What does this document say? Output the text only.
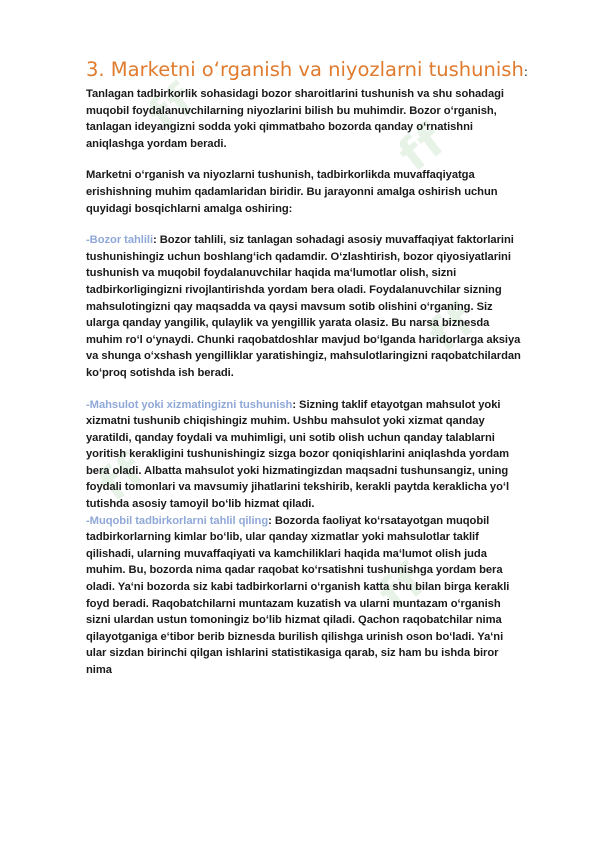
ff
ff
ff
ff
ff
3. Marketni o‘rganish va niyozlarni tushunish:

Tanlagan tadbirkorlik sohasidagi bozor sharoitlarini tushunish va shu sohadagi muqobil foydalanuvchilarning niyozlarini bilish bu muhimdir. Bozor oʻrganish, tanlagan ideyangizni sodda yoki qimmatbaho bozorda qanday oʻrnatishni aniqlashga yordam beradi.

Marketni oʻrganish va niyozlarni tushunish, tadbirkorlikda muvaffaqiyatga erishishning muhim qadamlaridan biridir. Bu jarayonni amalga oshirish uchun quyidagi bosqichlarni amalga oshiring:

-Bozor tahlili: Bozor tahlili, siz tanlagan sohadagi asosiy muvaffaqiyat faktorlarini tushunishingiz uchun boshlangʻich qadamdir. Oʻzlashtirish, bozor qiyosiyatlarini tushunish va muqobil foydalanuvchilar haqida maʻlumotlar olish, sizni tadbirkorligingizni rivojlantirishda yordam bera oladi. Foydalanuvchilar sizning mahsulotingizni qay maqsadda va qaysi mavsum sotib olishini oʻrganing. Siz ularga qanday yangilik, qulaylik va yengillik yarata olasiz. Bu narsa biznesda muhim roʻl oʻynaydi. Chunki raqobatdoshlar mavjud boʻlganda haridorlarga aksiya va shunga oʻxshash yengilliklar yaratishingiz, mahsulotlaringizni raqobatchilardan koʻproq sotishda ish beradi.

-Mahsulot yoki xizmatingizni tushunish: Sizning taklif etayotgan mahsulot yoki xizmatni tushunib chiqishingiz muhim. Ushbu mahsulot yoki xizmat qanday yaratildi, qanday foydali va muhimligi, uni sotib olish uchun qanday talablarni yoritish kerakligini tushunishingiz sizga bozor qoniqishlarini aniqlashda yordam bera oladi. Albatta mahsulot yoki hizmatingizdan maqsadni tushunsangiz, uning foydali tomonlari va mavsumiy jihatlarini tekshirib, kerakli paytda keraklicha yoʻl tutishda asosiy tamoyil boʻlib hizmat qiladi.

-Muqobil tadbirkorlarni tahlil qiling: Bozorda faoliyat koʻrsatayotgan muqobil tadbirkorlarning kimlar boʻlib, ular qanday xizmatlar yoki mahsulotlar taklif qilishadi, ularning muvaffaqiyati va kamchiliklari haqida maʻlumot olish juda muhim. Bu, bozorda nima qadar raqobat koʻrsatishni tushunishga yordam bera oladi. Yaʻni bozorda siz kabi tadbirkorlarni oʻrganish katta shu bilan birga kerakli foyd beradi. Raqobatchilarni muntazam kuzatish va ularni muntazam oʻrganish sizni ulardan ustun tomoningiz boʻlib hizmat qiladi. Qachon raqobatchilar nima qilayotganiga eʻtibor berib biznesda burilish qilishga urinish oson boʻladi. Yaʻni ular sizdan birinchi qilgan ishlarini statistikasiga qarab, siz ham bu ishda biror nima
